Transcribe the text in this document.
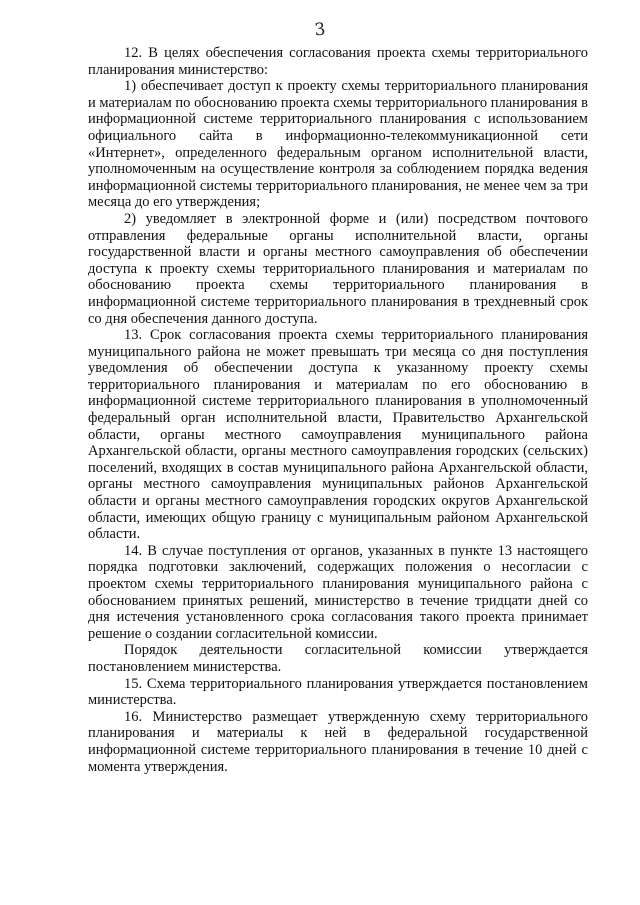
3

12. В целях обеспечения согласования проекта схемы территориального планирования министерство:

1) обеспечивает доступ к проекту схемы территориального планирования и материалам по обоснованию проекта схемы территориального планирования в информационной системе территориального планирования с использованием официального сайта в информационно-телекоммуникационной сети «Интернет», определенного федеральным органом исполнительной власти, уполномоченным на осуществление контроля за соблюдением порядка ведения информационной системы территориального планирования, не менее чем за три месяца до его утверждения;

2) уведомляет в электронной форме и (или) посредством почтового отправления федеральные органы исполнительной власти, органы государственной власти и органы местного самоуправления об обеспечении доступа к проекту схемы территориального планирования и материалам по обоснованию проекта схемы территориального планирования в информационной системе территориального планирования в трехдневный срок со дня обеспечения данного доступа.

13. Срок согласования проекта схемы территориального планирования муниципального района не может превышать три месяца со дня поступления уведомления об обеспечении доступа к указанному проекту схемы территориального планирования и материалам по его обоснованию в информационной системе территориального планирования в уполномоченный федеральный орган исполнительной власти, Правительство Архангельской области, органы местного самоуправления муниципального района Архангельской области, органы местного самоуправления городских (сельских) поселений, входящих в состав муниципального района Архангельской области, органы местного самоуправления муниципальных районов Архангельской области и органы местного самоуправления городских округов Архангельской области, имеющих общую границу с муниципальным районом Архангельской области.

14. В случае поступления от органов, указанных в пункте 13 настоящего порядка подготовки заключений, содержащих положения о несогласии с проектом схемы территориального планирования муниципального района с обоснованием принятых решений, министерство в течение тридцати дней со дня истечения установленного срока согласования такого проекта принимает решение о создании согласительной комиссии.

Порядок деятельности согласительной комиссии утверждается постановлением министерства.

15. Схема территориального планирования утверждается постановлением министерства.

16. Министерство размещает утвержденную схему территориального планирования и материалы к ней в федеральной государственной информационной системе территориального планирования в течение 10 дней с момента утверждения.
